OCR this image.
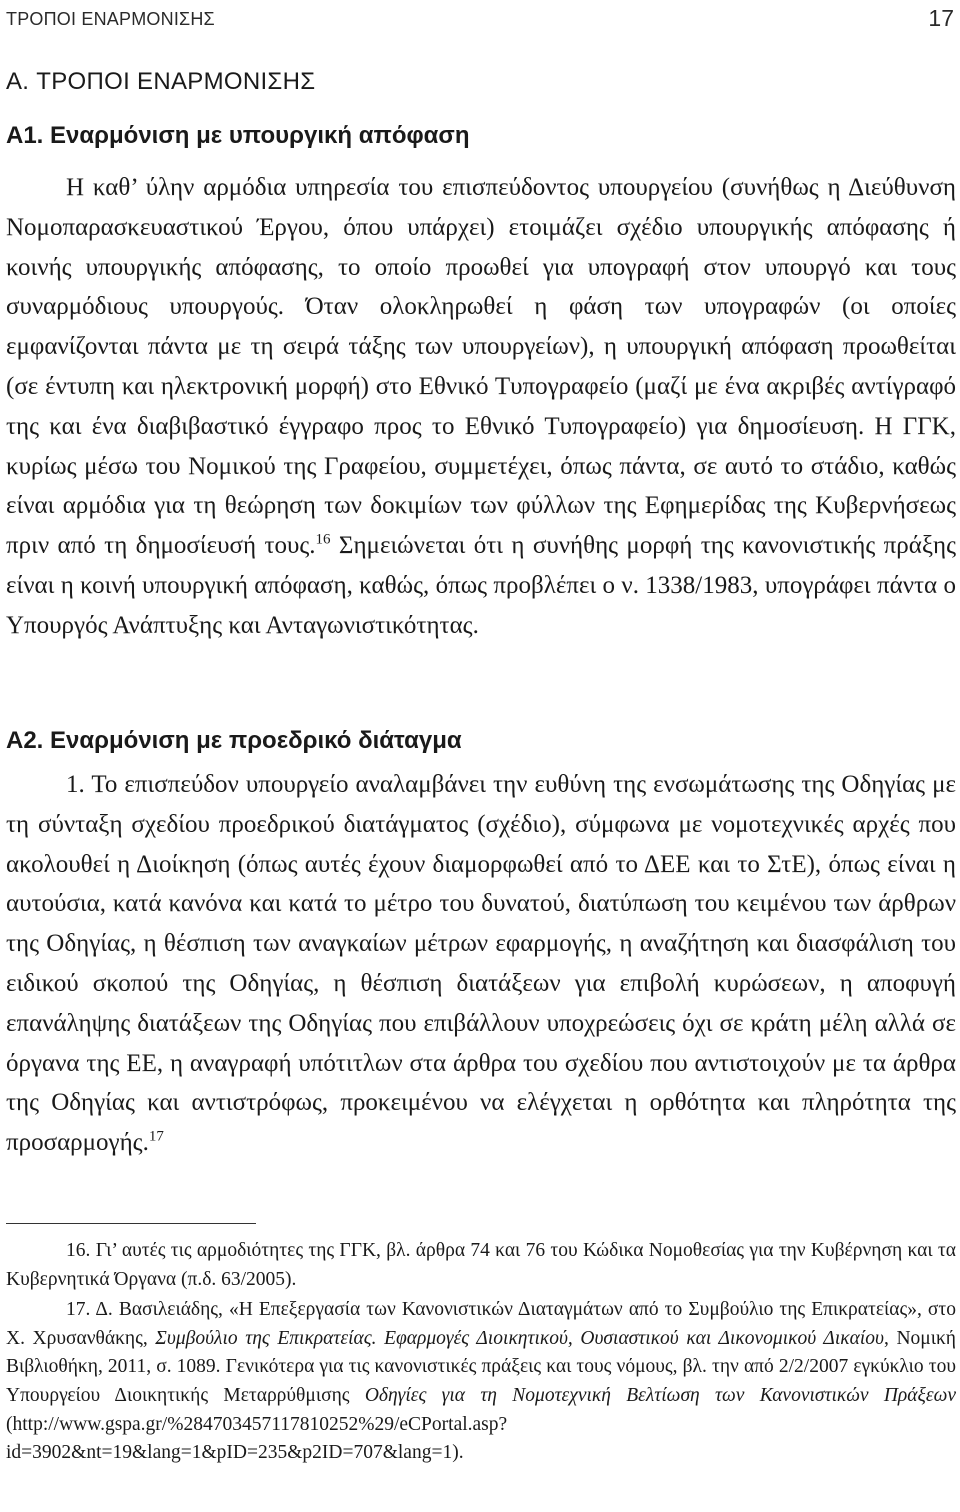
ΤΡΟΠΟΙ ΕΝΑΡΜΟΝΙΣΗΣ	17
A. ΤΡΟΠΟΙ ΕΝΑΡΜΟΝΙΣΗΣ
Α1. Εναρμόνιση με υπουργική απόφαση

Η καθ’ ύλην αρμόδια υπηρεσία του επισπεύδοντος υπουργείου (συνήθως η Διεύθυνση Νομοπαρασκευαστικού Έργου, όπου υπάρχει) ετοιμάζει σχέδιο υπουργικής απόφασης ή κοινής υπουργικής απόφασης, το οποίο προωθεί για υπογραφή στον υπουργό και τους συναρμόδιους υπουργούς. Όταν ολοκληρωθεί η φάση των υπογραφών (οι οποίες εμφανίζονται πάντα με τη σειρά τάξης των υπουργείων), η υπουργική απόφαση προωθείται (σε έντυπη και ηλεκτρονική μορφή) στο Εθνικό Τυπογραφείο (μαζί με ένα ακριβές αντίγραφό της και ένα διαβιβαστικό έγγραφο προς το Εθνικό Τυπογραφείο) για δημοσίευση. Η ΓΓΚ, κυρίως μέσω του Νομικού της Γραφείου, συμμετέχει, όπως πάντα, σε αυτό το στάδιο, καθώς είναι αρμόδια για τη θεώρηση των δοκιμίων των φύλλων της Εφημερίδας της Κυβερνήσεως πριν από τη δημοσίευσή τους.$^{16}$ Σημειώνεται ότι η συνήθης μορφή της κανονιστικής πράξης είναι η κοινή υπουργική απόφαση, καθώς, όπως προβλέπει ο ν. 1338/1983, υπογράφει πάντα ο Υπουργός Ανάπτυξης και Ανταγωνιστικότητας.

Α2. Εναρμόνιση με προεδρικό διάταγμα

1. Το επισπεύδον υπουργείο αναλαμβάνει την ευθύνη της ενσωμάτωσης της Οδηγίας με τη σύνταξη σχεδίου προεδρικού διατάγματος (σχέδιο), σύμφωνα με νομοτεχνικές αρχές που ακολουθεί η Διοίκηση (όπως αυτές έχουν διαμορφωθεί από το ΔΕΕ και το ΣτΕ), όπως είναι η αυτούσια, κατά κανόνα και κατά το μέτρο του δυνατού, διατύπωση του κειμένου των άρθρων της Οδηγίας, η θέσπιση των αναγκαίων μέτρων εφαρμογής, η αναζήτηση και διασφάλιση του ειδικού σκοπού της Οδηγίας, η θέσπιση διατάξεων για επιβολή κυρώσεων, η αποφυγή επανάληψης διατάξεων της Οδηγίας που επιβάλλουν υποχρεώσεις όχι σε κράτη μέλη αλλά σε όργανα της ΕΕ, η αναγραφή υπότιτλων στα άρθρα του σχεδίου που αντιστοιχούν με τα άρθρα της Οδηγίας και αντιστρόφως, προκειμένου να ελέγχεται η ορθότητα και πληρότητα της προσαρμογής.$^{17}$

16. Γι’ αυτές τις αρμοδιότητες της ΓΓΚ, βλ. άρθρα 74 και 76 του Κώδικα Νομοθεσίας για την Κυβέρνηση και τα Κυβερνητικά Όργανα (π.δ. 63/2005).

17. Δ. Βασιλειάδης, «Η Επεξεργασία των Κανονιστικών Διαταγμάτων από το Συμβούλιο της Επικρατείας», στο Χ. Χρυσανθάκης, Συμβούλιο της Επικρατείας. Εφαρμογές Διοικητικού, Ουσιαστικού και Δικονομικού Δικαίου, Νομική Βιβλιοθήκη, 2011, σ. 1089. Γενικότερα για τις κανονιστικές πράξεις και τους νόμους, βλ. την από 2/2/2007 εγκύκλιο του Υπουργείου Διοικητικής Μεταρρύθμισης Οδηγίες για τη Νομοτεχνική Βελτίωση των Κανονιστικών Πράξεων (http://www.gspa.gr/%2847034571178102​52%29/eCPortal.asp?id=3902&nt=19&lang=1&pID=235&p2ID=707&lang=1).
